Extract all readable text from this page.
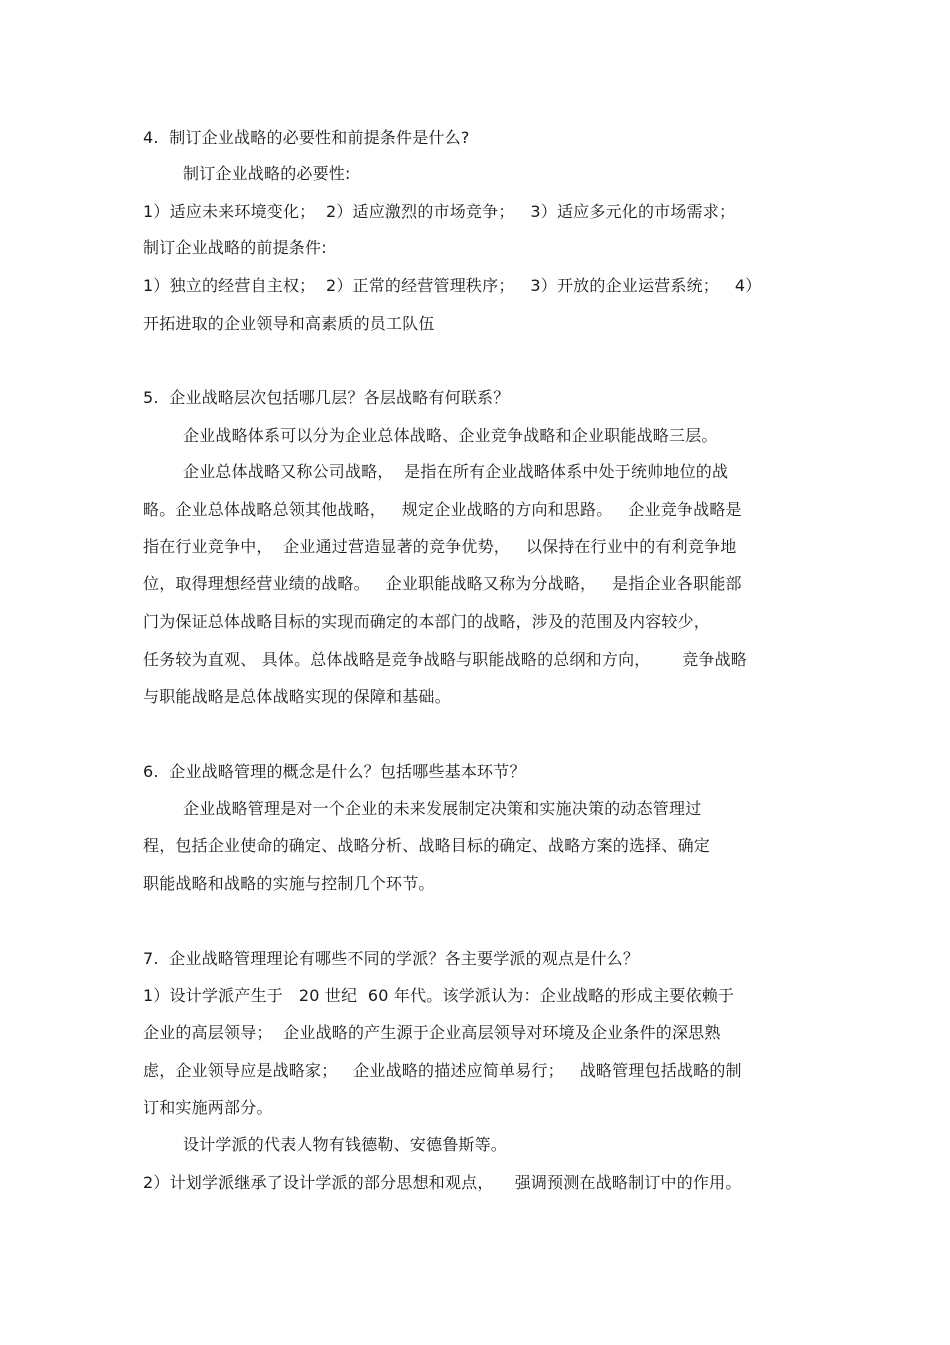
4.  制订企业战略的必要性和前提条件是什么?
制订企业战略的必要性:
1）适应未来环境变化；  2）适应激烈的市场竞争；   3）适应多元化的市场需求；
制订企业战略的前提条件:
1）独立的经营自主权；  2）正常的经营管理秩序；   3）开放的企业运营系统；   4）
开拓进取的企业领导和高素质的员工队伍
5.  企业战略层次包括哪几层？各层战略有何联系？
企业战略体系可以分为企业总体战略、企业竞争战略和企业职能战略三层。
企业总体战略又称公司战略，  是指在所有企业战略体系中处于统帅地位的战
略。企业总体战略总领其他战略，   规定企业战略的方向和思路。   企业竞争战略是
指在行业竞争中，  企业通过营造显著的竞争优势，   以保持在行业中的有利竞争地
位，取得理想经营业绩的战略。   企业职能战略又称为分战略，   是指企业各职能部
门为保证总体战略目标的实现而确定的本部门的战略，涉及的范围及内容较少，
任务较为直观、 具体。总体战略是竞争战略与职能战略的总纲和方向，      竞争战略
与职能战略是总体战略实现的保障和基础。
6.  企业战略管理的概念是什么？包括哪些基本环节？
企业战略管理是对一个企业的未来发展制定决策和实施决策的动态管理过
程，包括企业使命的确定、战略分析、战略目标的确定、战略方案的选择、确定
职能战略和战略的实施与控制几个环节。
7.  企业战略管理理论有哪些不同的学派？各主要学派的观点是什么？
1）设计学派产生于   20 世纪  60 年代。该学派认为：企业战略的形成主要依赖于
企业的高层领导；  企业战略的产生源于企业高层领导对环境及企业条件的深思熟
虑，企业领导应是战略家；   企业战略的描述应简单易行；   战略管理包括战略的制
订和实施两部分。
设计学派的代表人物有钱德勒、安德鲁斯等。
2）计划学派继承了设计学派的部分思想和观点，    强调预测在战略制订中的作用。
